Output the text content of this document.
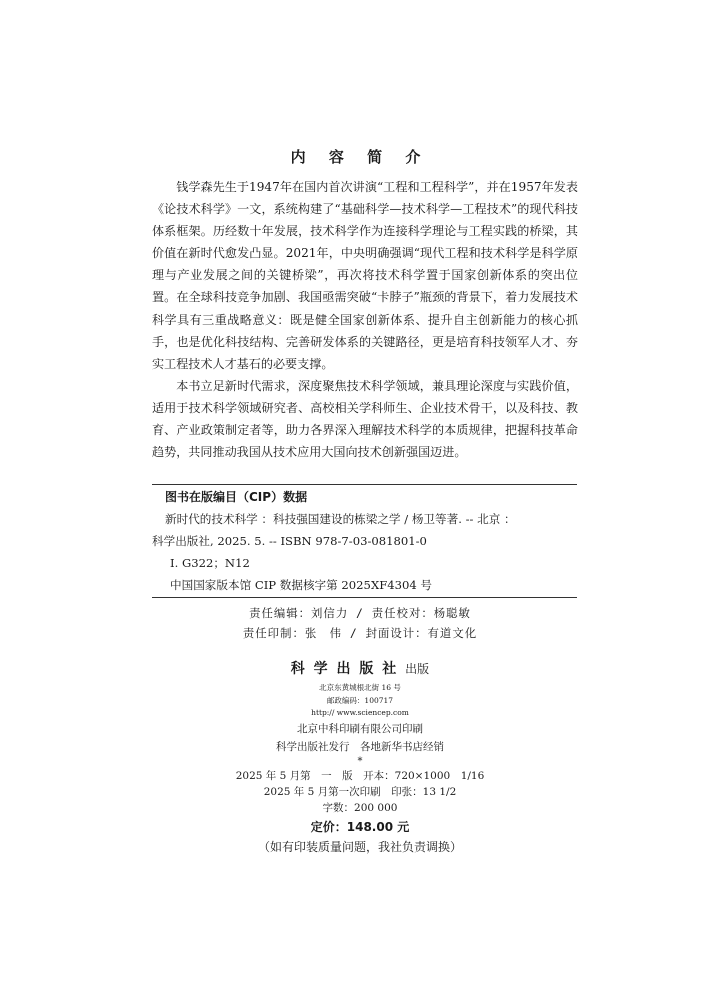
内 容 简 介

钱学森先生于1947年在国内首次讲演“工程和工程科学”，并在1957年发表《论技术科学》一文，系统构建了“基础科学—技术科学—工程技术”的现代科技体系框架。历经数十年发展，技术科学作为连接科学理论与工程实践的桥梁，其价值在新时代愈发凸显。2021年，中央明确强调“现代工程和技术科学是科学原理与产业发展之间的关键桥梁”，再次将技术科学置于国家创新体系的突出位置。在全球科技竞争加剧、我国亟需突破“卡脖子”瓶颈的背景下，着力发展技术科学具有三重战略意义：既是健全国家创新体系、提升自主创新能力的核心抓手，也是优化科技结构、完善研发体系的关键路径，更是培育科技领军人才、夯实工程技术人才基石的必要支撑。

本书立足新时代需求，深度聚焦技术科学领域，兼具理论深度与实践价值，适用于技术科学领域研究者、高校相关学科师生、企业技术骨干，以及科技、教育、产业政策制定者等，助力各界深入理解技术科学的本质规律，把握科技革命趋势，共同推动我国从技术应用大国向技术创新强国迈进。

图书在版编目（CIP）数据
新时代的技术科学 ：科技强国建设的栋梁之学 / 杨卫等著. -- 北京 ：
科学出版社, 2025. 5. -- ISBN 978-7-03-081801-0
Ⅰ. G322；N12
中国国家版本馆 CIP 数据核字第 2025XF4304 号
责任编辑：刘信力 / 责任校对：杨聪敏
责任印制：张　伟 / 封面设计：有道文化
科 学 出 版 社 出版
北京东黄城根北街 16 号
邮政编码：100717
http:// www.sciencep.com
北京中科印刷有限公司印刷
科学出版社发行　各地新华书店经销
*
2025 年 5 月第　一　版　开本：720×1000　1/16
2025 年 5 月第一次印刷　印张：13 1/2
字数：200 000
定价：148.00 元
（如有印装质量问题，我社负责调换）
